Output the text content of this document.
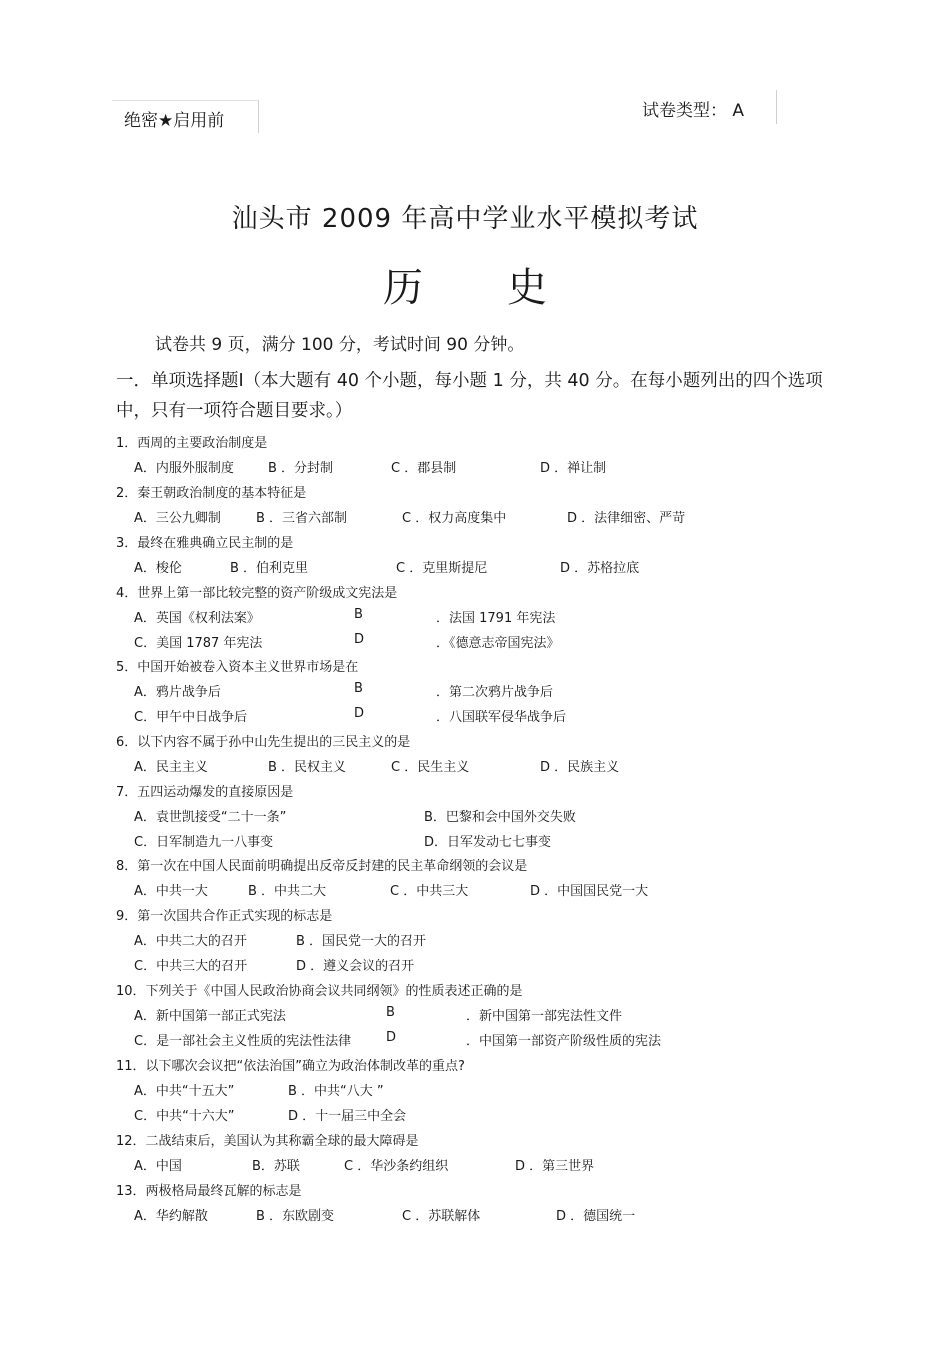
绝密★启用前	试卷类型： A
汕头市 2009 年高中学业水平模拟考试
历 史
试卷共 9 页，满分 100 分，考试时间 90 分钟。
一．单项选择题Ⅰ（本大题有 40 个小题，每小题 1 分，共 40 分。在每小题列出的四个选项中，只有一项符合题目要求。）
1．西周的主要政治制度是
A．内服外服制度	B ．分封制	C ．郡县制	D ．禅让制
2．秦王朝政治制度的基本特征是
A．三公九卿制	B ．三省六部制	C ．权力高度集中	D ．法律细密、严苛
3．最终在雅典确立民主制的是
A．梭伦	B ．伯利克里	C ．克里斯提尼	D ．苏格拉底
4．世界上第一部比较完整的资产阶级成文宪法是
A．英国《权利法案》	B	．法国 1791 年宪法
C．美国 1787 年宪法	D	．《德意志帝国宪法》
5．中国开始被卷入资本主义世界市场是在
A．鸦片战争后	B	．第二次鸦片战争后
C．甲午中日战争后	D	．八国联军侵华战争后
6．以下内容不属于孙中山先生提出的三民主义的是
A．民主主义	B ．民权主义	C ．民生主义	D ．民族主义
7．五四运动爆发的直接原因是
A．袁世凯接受“二十一条”	B．巴黎和会中国外交失败
C．日军制造九一八事变	D．日军发动七七事变
8．第一次在中国人民面前明确提出反帝反封建的民主革命纲领的会议是
A．中共一大	B ．中共二大	C ．中共三大	D ．中国国民党一大
9．第一次国共合作正式实现的标志是
A．中共二大的召开	B ．国民党一大的召开
C．中共三大的召开	D ．遵义会议的召开
10．下列关于《中国人民政治协商会议共同纲领》的性质表述正确的是
A．新中国第一部正式宪法	B	．新中国第一部宪法性文件
C．是一部社会主义性质的宪法性法律	D	．中国第一部资产阶级性质的宪法
11．以下哪次会议把“依法治国”确立为政治体制改革的重点?
A．中共“十五大”	B ．中共“八大 ”
C．中共“十六大”	D ．十一届三中全会
12．二战结束后，美国认为其称霸全球的最大障碍是
A．中国	B．苏联	C ．华沙条约组织	D ．第三世界
13．两极格局最终瓦解的标志是
A．华约解散	B ．东欧剧变	C ．苏联解体	D ．德国统一
